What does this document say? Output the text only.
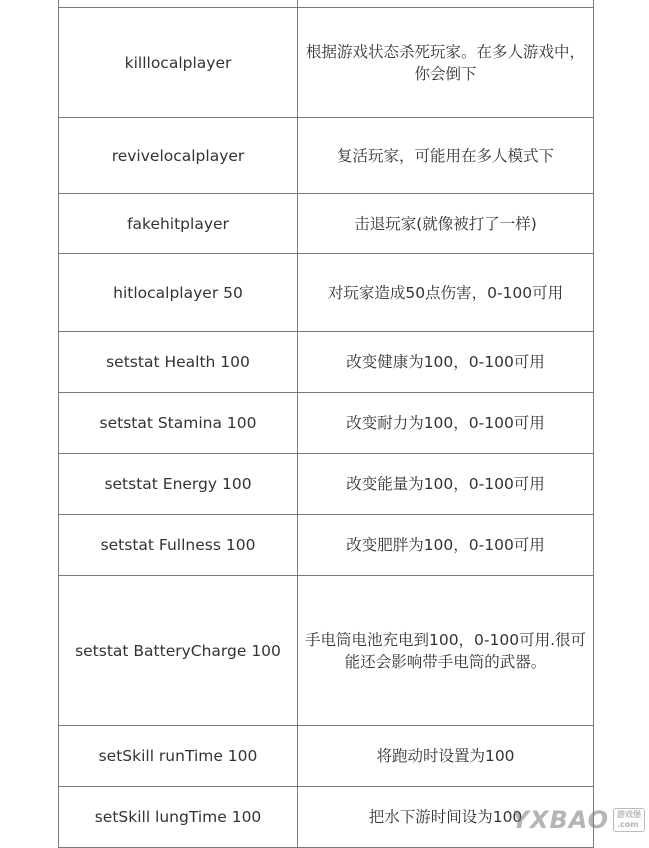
killlocalplayer	根据游戏状态杀死玩家。在多人游戏中，你会倒下
revivelocalplayer	复活玩家，可能用在多人模式下
fakehitplayer	击退玩家(就像被打了一样)
hitlocalplayer 50	对玩家造成50点伤害，0-100可用
setstat Health 100	改变健康为100，0-100可用
setstat Stamina 100	改变耐力为100，0-100可用
setstat Energy 100	改变能量为100，0-100可用
setstat Fullness 100	改变肥胖为100，0-100可用
setstat BatteryCharge 100	手电筒电池充电到100，0-100可用.很可能还会影响带手电筒的武器。
setSkill runTime 100	将跑动时设置为100
setSkill lungTime 100	把水下游时间设为100
YXBAO 游戏堡
.com
